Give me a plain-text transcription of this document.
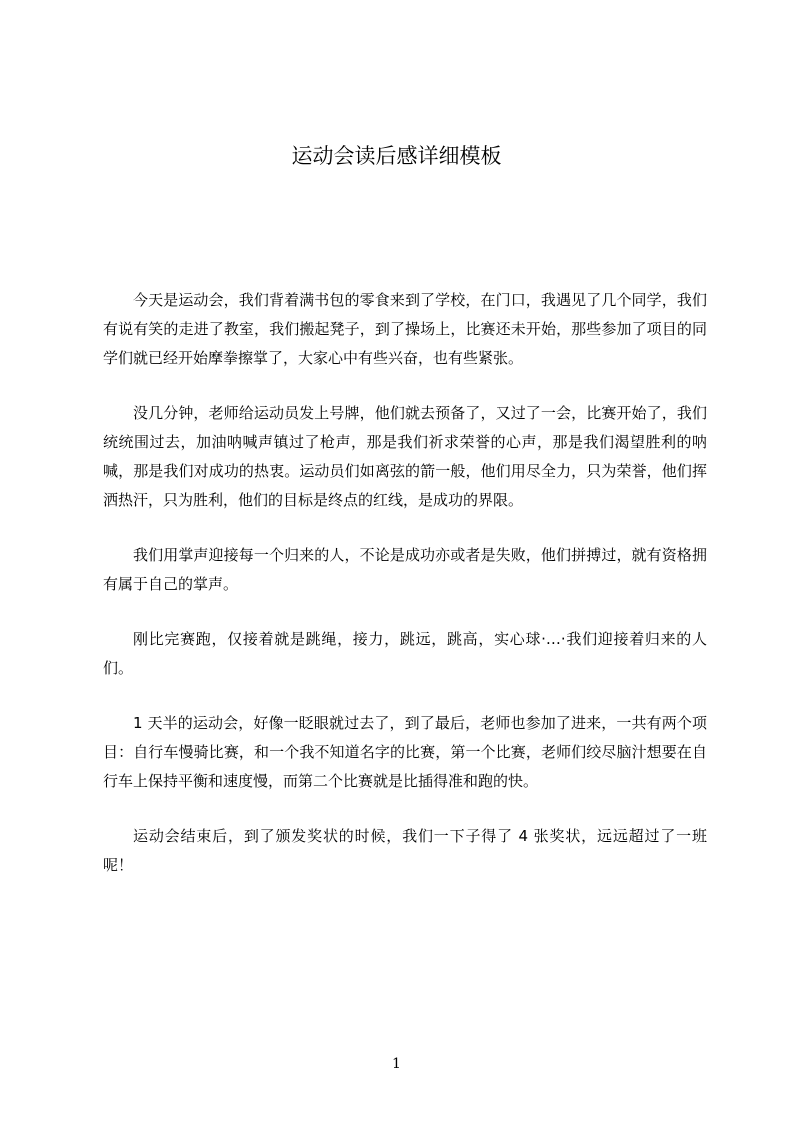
运动会读后感详细模板

今天是运动会，我们背着满书包的零食来到了学校，在门口，我遇见了几个同学，我们有说有笑的走进了教室，我们搬起凳子，到了操场上，比赛还未开始，那些参加了项目的同学们就已经开始摩拳擦掌了，大家心中有些兴奋，也有些紧张。

没几分钟，老师给运动员发上号牌，他们就去预备了，又过了一会，比赛开始了，我们统统围过去，加油呐喊声镇过了枪声，那是我们祈求荣誉的心声，那是我们渴望胜利的呐喊，那是我们对成功的热衷。运动员们如离弦的箭一般，他们用尽全力，只为荣誉，他们挥洒热汗，只为胜利，他们的目标是终点的红线，是成功的界限。

我们用掌声迎接每一个归来的人，不论是成功亦或者是失败，他们拼搏过，就有资格拥有属于自己的掌声。

刚比完赛跑，仅接着就是跳绳，接力，跳远，跳高，实心球·…·我们迎接着归来的人们。

1 天半的运动会，好像一眨眼就过去了，到了最后，老师也参加了进来，一共有两个项目：自行车慢骑比赛，和一个我不知道名字的比赛，第一个比赛，老师们绞尽脑汁想要在自行车上保持平衡和速度慢，而第二个比赛就是比插得准和跑的快。

运动会结束后，到了颁发奖状的时候，我们一下子得了 4 张奖状，远远超过了一班呢！

1
